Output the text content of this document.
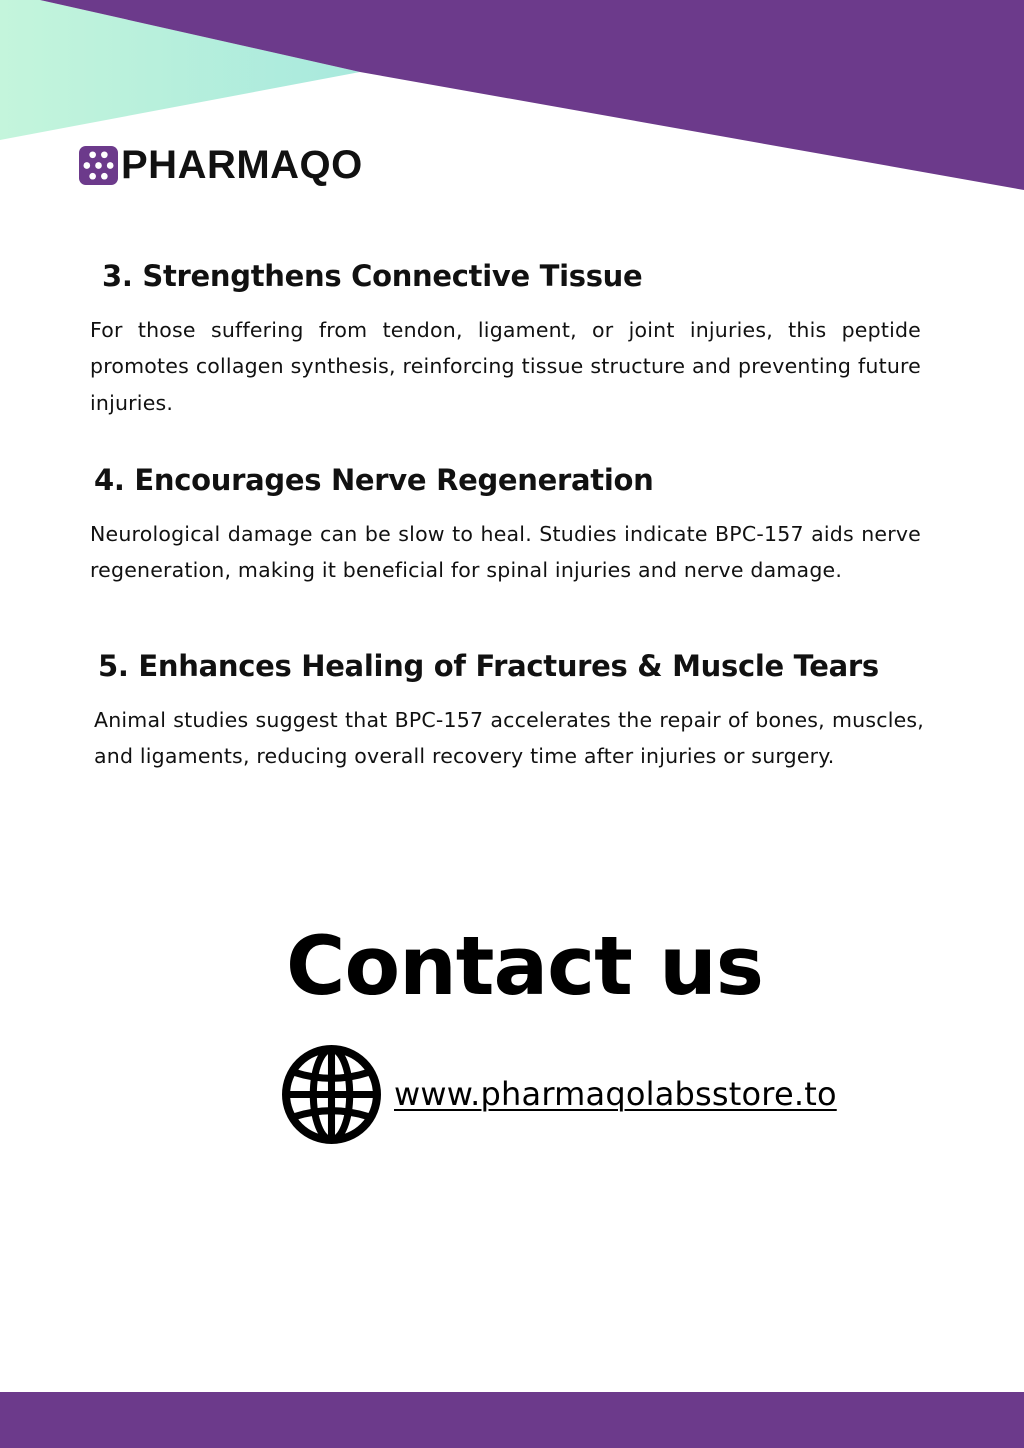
PHARMAQO
3. Strengthens Connective Tissue

For those suffering from tendon, ligament, or joint injuries, this peptide promotes collagen synthesis, reinforcing tissue structure and preventing future injuries.

4. Encourages Nerve Regeneration

Neurological damage can be slow to heal. Studies indicate BPC-157 aids nerve regeneration, making it beneficial for spinal injuries and nerve damage.

5. Enhances Healing of Fractures & Muscle Tears

Animal studies suggest that BPC-157 accelerates the repair of bones, muscles, and ligaments, reducing overall recovery time after injuries or surgery.

Contact us
www.pharmaqolabsstore.to
